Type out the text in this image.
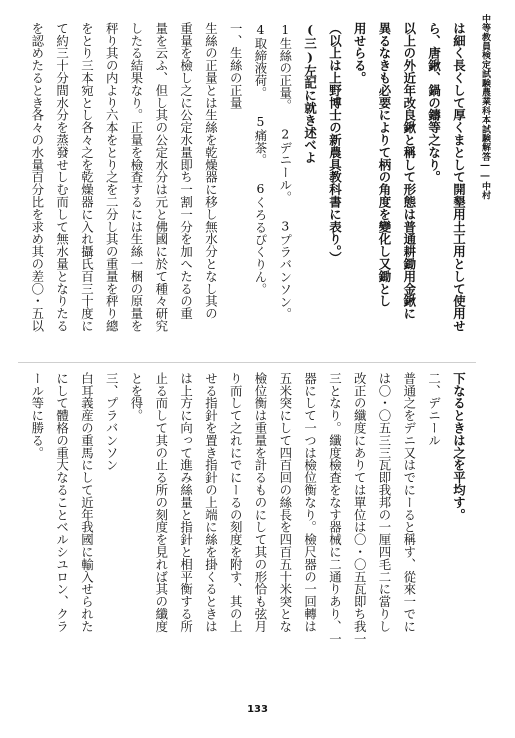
中等教員検定試験農業科本試験解答――中村
は細く長くして厚くまとして開墾用土工用として使用せ
ら、唐鍬、鍋の鑄等之なり。
以上の外近年改良鍬と稱して形態は普通耕鋤用金鍬に
異るなきも必要によりて柄の角度を變化し又鋤とし
用せらる。
（以上は上野博士の新農具教科書に表り。）
(三)左記に就き述べよ
1生絲の正量。 2デニール。 3プラバンソン。
4取締液荷。 5痛茶。 6くろるぴくりん。
一、生絲の正量
生絲の正量とは生絲を乾燥器に移し無水分となし其の
重量を檢し之に公定水量即ち一割一分を加へたるの重
量を云ふ、但し其の公定水分は元と佛國に於て種々研究
したる結果なり。正量を檢査するには生絲一梱の原量を
秤り其の内より六本をとり之を二分し其の重量を秤り總
をとり三本宛とし各々之を乾燥器に入れ攝氏百三十度に
て約三十分間水分を蒸發せしむ而して無水量となりたる
を認めたるとき各々の水量百分比を求め其の差〇・五以
下なるときは之を平均す。
二、デニール
普通之をデニ又はでにーると稱す、從來一でに
は〇・〇五三三瓦即我邦の一厘四毛二に當りし
改正の纖度にありては單位は〇・〇五瓦即ち我一
三となり。纖度檢査をなす器械に二通りあり、一
器にして一つは檢位衡なり。檢尺器の一回轉は
五米突にして四百回の絲長を四百五十米突とな
檢位衡は重量を計るものにして其の形恰も弦月
り而して之れにでにーるの刻度を附す、其の上
せる指針を置き指針の上端に絲を掛くるときは
は上方に向って進み絲量と指針と相平衡する所
止る而して其の止る所の刻度を見れば其の纖度
とを得。
三、プラバンソン
白耳義産の重馬にして近年我國に輸入せられた
にして體格の重大なることベルシユロン、クラ
ール等に勝る。
133
